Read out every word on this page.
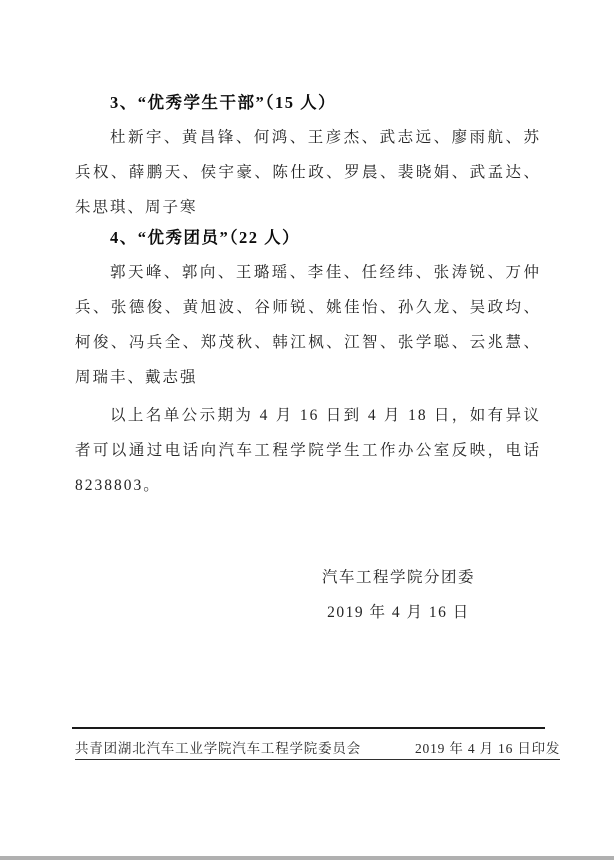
3、“优秀学生干部”（15 人）

杜新宇、黄昌锋、何鸿、王彦杰、武志远、廖雨航、苏兵权、薛鹏天、侯宇豪、陈仕政、罗晨、裴晓娟、武孟达、朱思琪、周子寒

4、“优秀团员”（22 人）

郭天峰、郭向、王璐瑶、李佳、任经纬、张涛锐、万仲兵、张德俊、黄旭波、谷师锐、姚佳怡、孙久龙、吴政均、柯俊、冯兵全、郑茂秋、韩江枫、江智、张学聪、云兆慧、周瑞丰、戴志强

以上名单公示期为 4 月 16 日到 4 月 18 日，如有异议者可以通过电话向汽车工程学院学生工作办公室反映，电话 8238803。

汽车工程学院分团委
2019 年 4 月 16 日
共青团湖北汽车工业学院汽车工程学院委员会	2019 年 4 月 16 日印发
